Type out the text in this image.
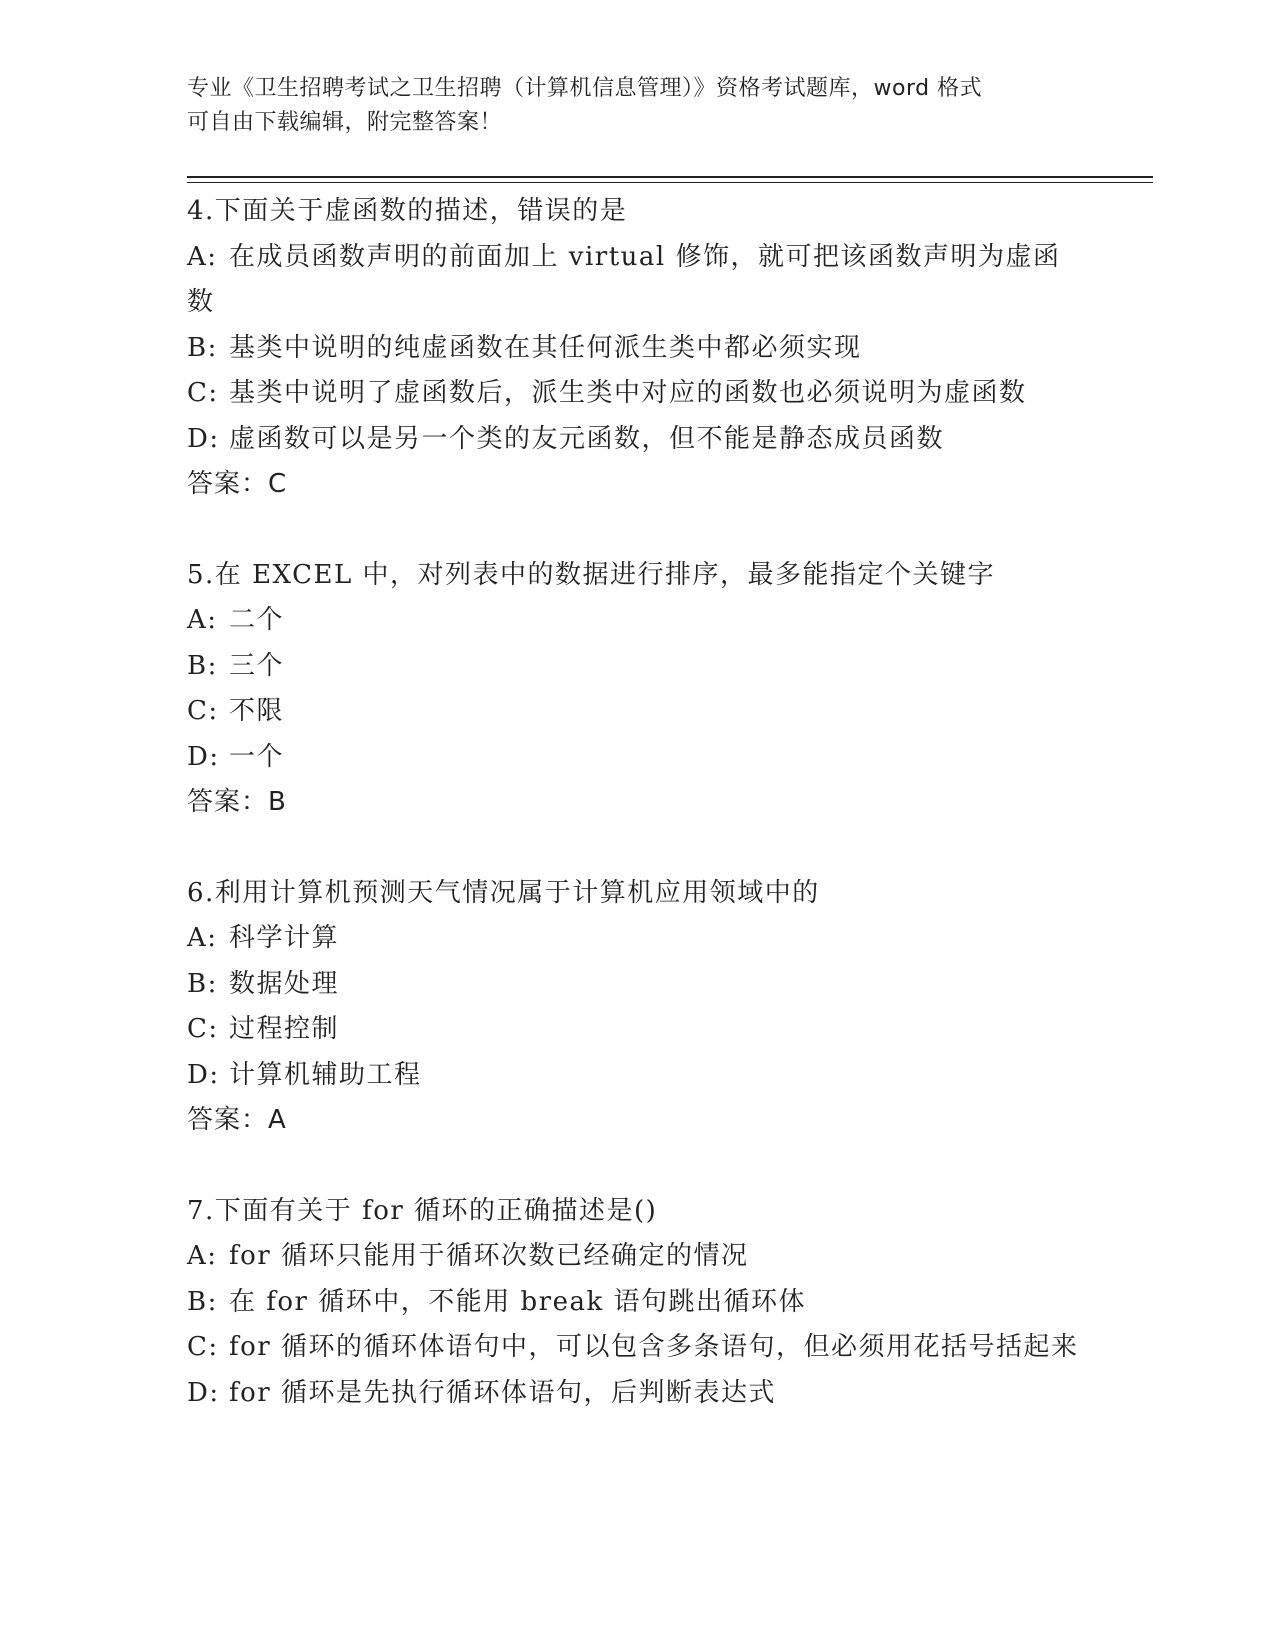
专业《卫生招聘考试之卫生招聘（计算机信息管理）》资格考试题库，word 格式
可自由下载编辑，附完整答案！
4.下面关于虚函数的描述，错误的是
A: 在成员函数声明的前面加上 virtual 修饰，就可把该函数声明为虚函数
B: 基类中说明的纯虚函数在其任何派生类中都必须实现
C: 基类中说明了虚函数后，派生类中对应的函数也必须说明为虚函数
D: 虚函数可以是另一个类的友元函数，但不能是静态成员函数
答案：C
5.在 EXCEL 中，对列表中的数据进行排序，最多能指定个关键字
A: 二个
B: 三个
C: 不限
D: 一个
答案：B
6.利用计算机预测天气情况属于计算机应用领域中的
A: 科学计算
B: 数据处理
C: 过程控制
D: 计算机辅助工程
答案：A
7.下面有关于 for 循环的正确描述是()
A: for 循环只能用于循环次数已经确定的情况
B: 在 for 循环中，不能用 break 语句跳出循环体
C: for 循环的循环体语句中，可以包含多条语句，但必须用花括号括起来
D: for 循环是先执行循环体语句，后判断表达式
